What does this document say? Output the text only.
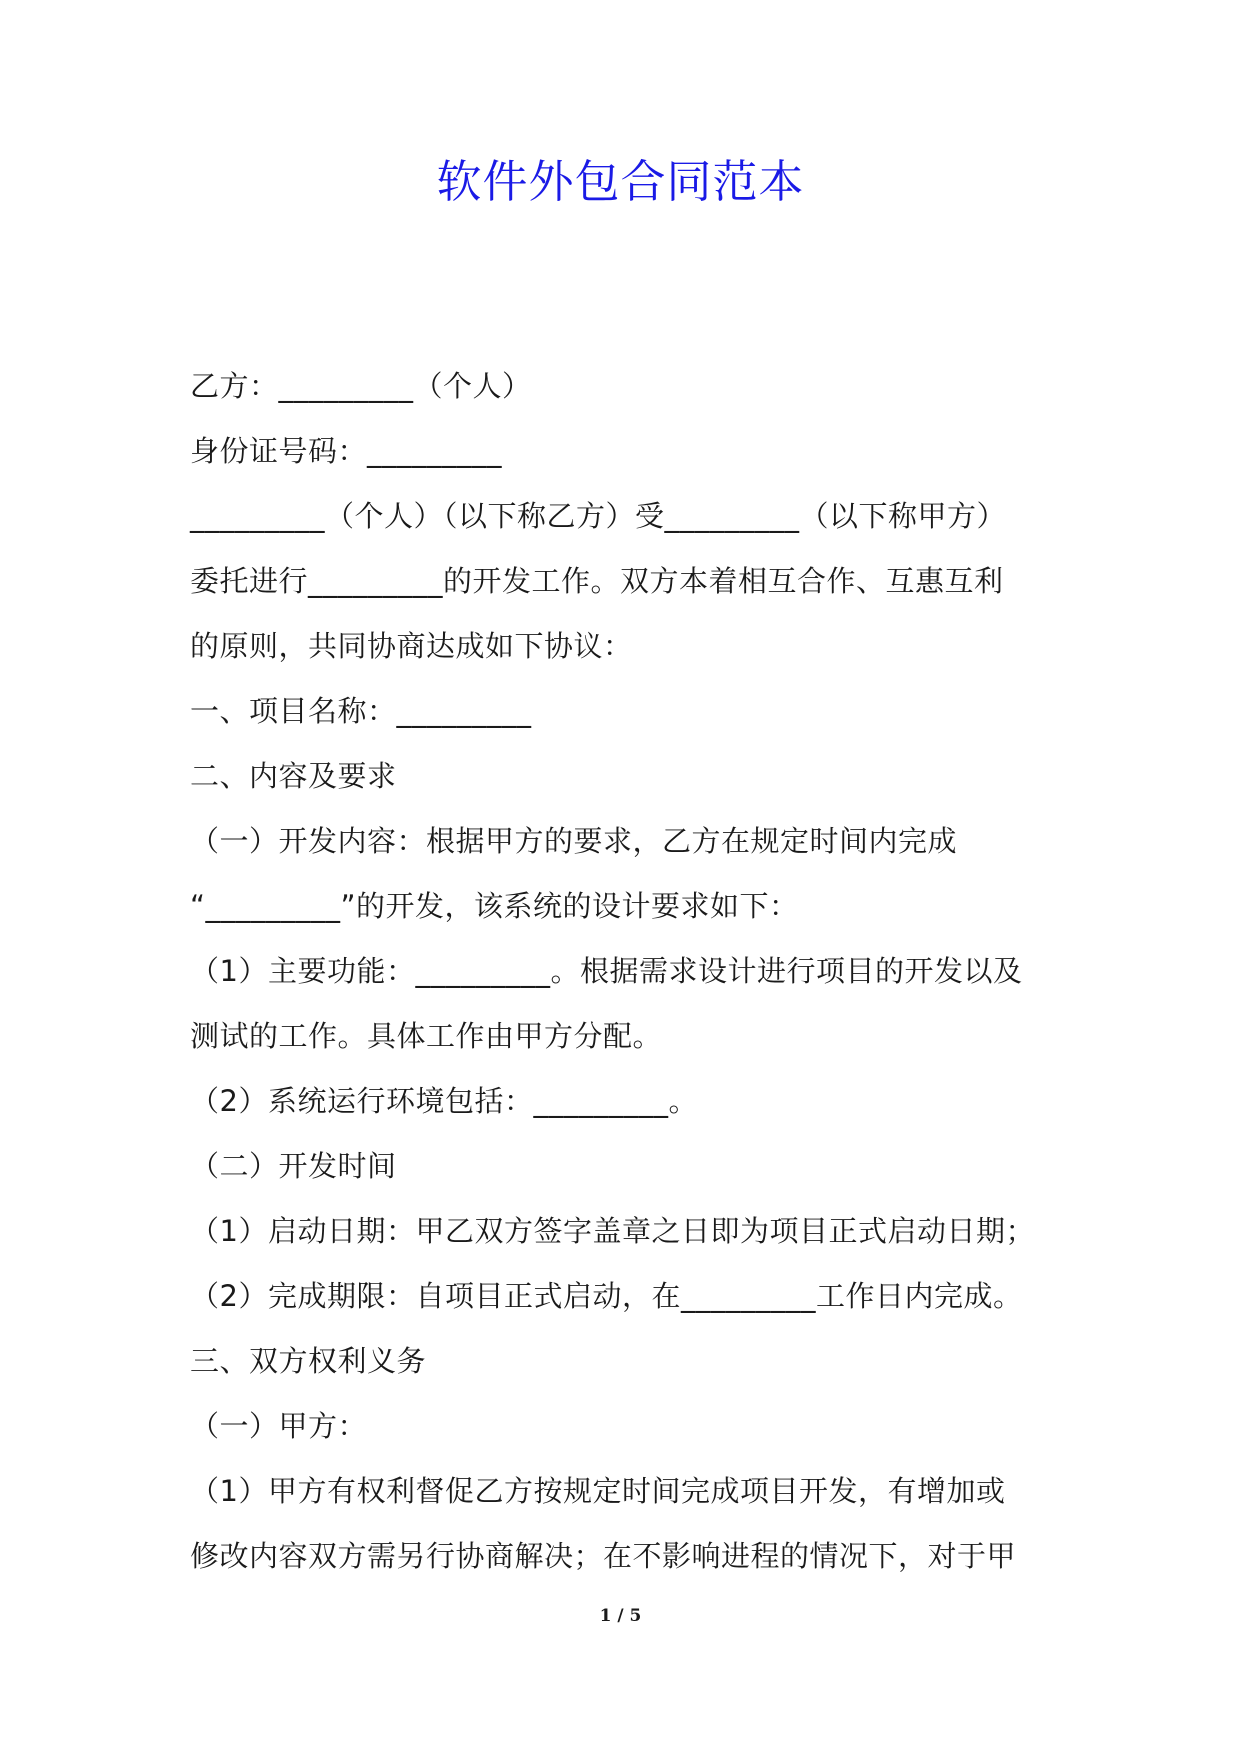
软件外包合同范本
乙方：_________（个人）
身份证号码：_________
_________（个人）（以下称乙方）受_________（以下称甲方）
委托进行_________的开发工作。双方本着相互合作、互惠互利
的原则，共同协商达成如下协议：
一、项目名称：_________
二、内容及要求
（一）开发内容：根据甲方的要求，乙方在规定时间内完成
“_________”的开发，该系统的设计要求如下：
（1）主要功能：_________。根据需求设计进行项目的开发以及
测试的工作。具体工作由甲方分配。
（2）系统运行环境包括：_________。
（二）开发时间
（1）启动日期：甲乙双方签字盖章之日即为项目正式启动日期；
（2）完成期限：自项目正式启动，在_________工作日内完成。
三、双方权利义务
（一）甲方：
（1）甲方有权利督促乙方按规定时间完成项目开发，有增加或
修改内容双方需另行协商解决；在不影响进程的情况下，对于甲
1 / 5
